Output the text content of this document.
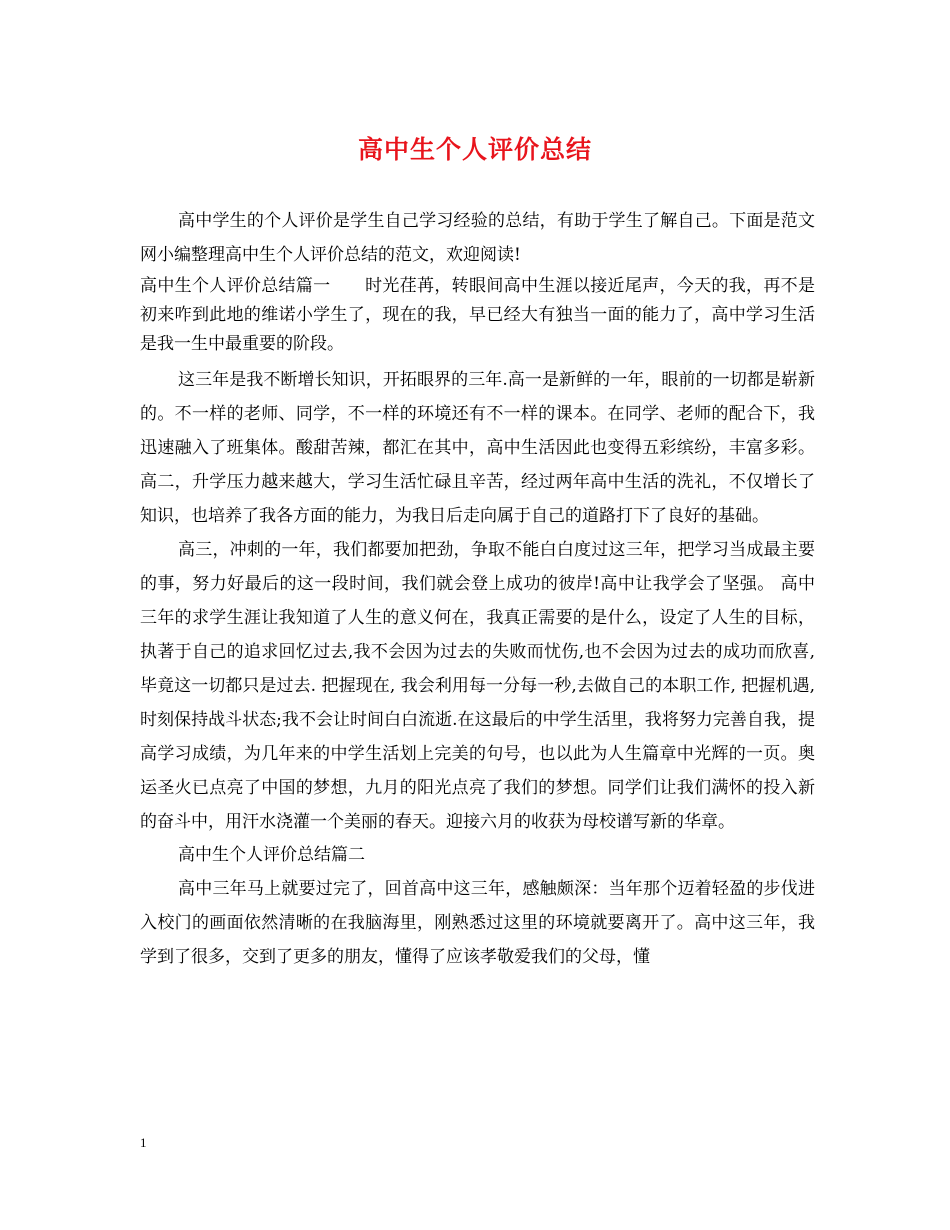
高中生个人评价总结

高中学生的个人评价是学生自己学习经验的总结，有助于学生了解自己。下面是范文网小编整理高中生个人评价总结的范文，欢迎阅读!

高中生个人评价总结篇一　　时光荏苒，转眼间高中生涯以接近尾声，今天的我，再不是初来咋到此地的维诺小学生了，现在的我，早已经大有独当一面的能力了，高中学习生活是我一生中最重要的阶段。

这三年是我不断增长知识，开拓眼界的三年.高一是新鲜的一年，眼前的一切都是崭新的。不一样的老师、同学，不一样的环境还有不一样的课本。在同学、老师的配合下，我迅速融入了班集体。酸甜苦辣，都汇在其中，高中生活因此也变得五彩缤纷，丰富多彩。高二，升学压力越来越大，学习生活忙碌且辛苦，经过两年高中生活的洗礼，不仅增长了知识，也培养了我各方面的能力，为我日后走向属于自己的道路打下了良好的基础。

高三，冲刺的一年，我们都要加把劲，争取不能白白度过这三年，把学习当成最主要的事，努力好最后的这一段时间，我们就会登上成功的彼岸!高中让我学会了坚强。 高中三年的求学生涯让我知道了人生的意义何在，我真正需要的是什么，设定了人生的目标，执著于自己的追求回忆过去,我不会因为过去的失败而忧伤,也不会因为过去的成功而欣喜,毕竟这一切都只是过去. 把握现在, 我会利用每一分每一秒,去做自己的本职工作, 把握机遇,时刻保持战斗状态;我不会让时间白白流逝.在这最后的中学生活里，我将努力完善自我，提高学习成绩，为几年来的中学生活划上完美的句号，也以此为人生篇章中光辉的一页。奥运圣火已点亮了中国的梦想，九月的阳光点亮了我们的梦想。同学们让我们满怀的投入新的奋斗中，用汗水浇灌一个美丽的春天。迎接六月的收获为母校谱写新的华章。

高中生个人评价总结篇二

高中三年马上就要过完了，回首高中这三年，感触颇深：当年那个迈着轻盈的步伐进入校门的画面依然清晰的在我脑海里，刚熟悉过这里的环境就要离开了。高中这三年，我学到了很多，交到了更多的朋友，懂得了应该孝敬爱我们的父母，懂

1
